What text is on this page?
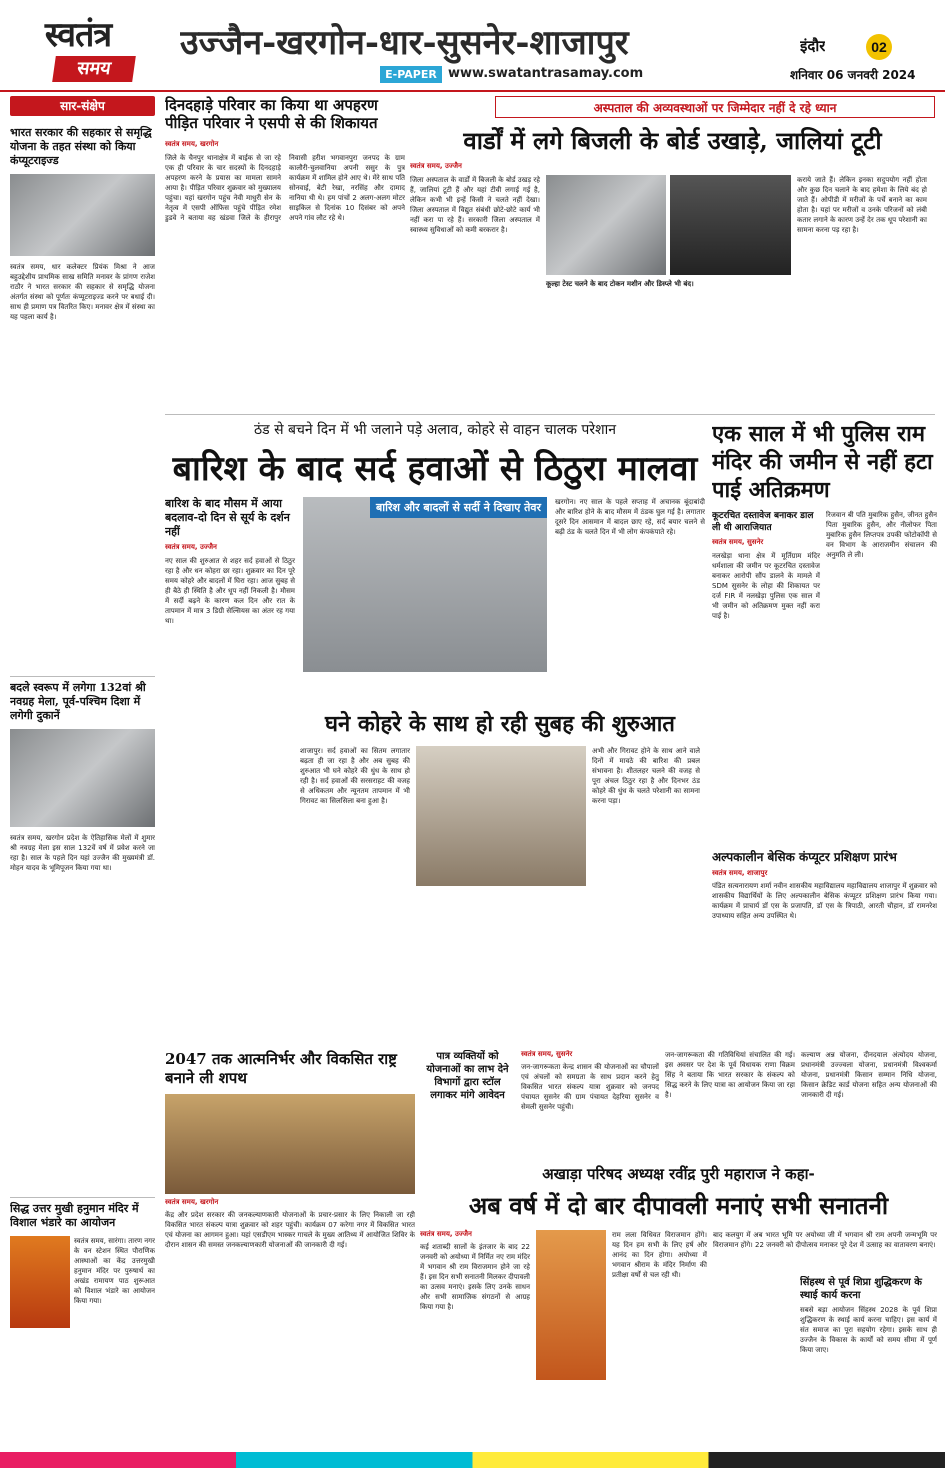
स्वतंत्र
समय
उज्जैन-खरगोन-धार-सुसनेर-शाजापुर
E-PAPER www.swatantrasamay.com
इंदौर	02
शनिवार 06 जनवरी 2024
सार-संक्षेप
भारत सरकार की सहकार से समृद्धि योजना के तहत संस्था को किया कंप्यूटराइज्ड
स्वतंत्र समय, धार कलेक्टर प्रियंक मिश्रा ने आज बहुउद्देशीय प्राथमिक साख समिति मनावर के प्रांगण राजेश राठौर ने भारत सरकार की सहकार से समृद्धि योजना अंतर्गत संस्था को पूर्णतः कंप्यूटराइज्ड करने पर बधाई दी। साथ ही प्रमाण पत्र वितरित किए। मनावर क्षेत्र में संस्था का यह पहला कार्य है।
बदले स्वरूप में लगेगा 132वां श्री नवग्रह मेला, पूर्व-पश्चिम दिशा में लगेगी दुकानें
स्वतंत्र समय, खरगोन प्रदेश के ऐतिहासिक मेलों में शुमार श्री नवग्रह मेला इस साल 132वें वर्ष में प्रवेश करने जा रहा है। साल के पहले दिन यहां उज्जैन की मुख्यमंत्री डॉ. मोहन यादव के भूमिपूजन किया गया था।
सिद्ध उत्तर मुखी हनुमान मंदिर में विशाल भंडारे का आयोजन
स्वतंत्र समय, सारंगा। तारण नगर के वन स्टेशन स्थित पौराणिक आस्थाओं का केंद्र उत्तरमुखी हनुमान मंदिर पर पुरुषार्थ का अखंड रामायण पाठ शुरूआत को विशाल भंडारे का आयोजन किया गया।
दिनदहाड़े परिवार का किया था अपहरण पीड़ित परिवार ने एसपी से की शिकायत
स्वतंत्र समय, खरगोन
जिले के चैनपुर थानाक्षेत्र में बाईक से जा रहे एक ही परिवार के चार सदस्यों के दिनदहाड़े अपहरण करने के प्रयास का मामला सामने आया है। पीड़ित परिवार शुक्रवार को मुख्यालय पहुंचा। यहां खरगोन पहुंच नेवी माधुरी सेन के नेतृत्व में एसपी ऑफिस पहुंचे पीड़ित रमेश डुडवे ने बताया वह खंडवा जिले के हीरापुर निवासी हरीश भगवानपुरा जनपद के ग्राम कालौरी-चुलवानिया अपनी ससुर के पुत्र कार्यक्रम में शामिल होने आए थे। मेरे साथ पति सोनवाई, बेटी रेखा, नरसिंह और दामाद नानिया थी थे। हम पांचों 2 अलग-अलग मोटर साइकिल से दिनांक 10 दिसंबर को अपने अपने गांव लौट रहे थे।
अस्पताल की अव्यवस्थाओं पर जिम्मेदार नहीं दे रहे ध्यान
वार्डों में लगे बिजली के बोर्ड उखाड़े, जालियां टूटी
स्वतंत्र समय, उज्जैन
जिला अस्पताल के वार्डों में बिजली के बोर्ड उखड़ रहे हैं, जालियां टूटी हैं और यहां टीवी लगाई गई है, लेकिन कभी भी इन्हें किसी ने चलते नहीं देखा। जिला अस्पताल में विद्युत संबंधी छोटे-छोटे कार्य भी नहीं करा पा रहे हैं। सरकारी जिला अस्पताल में स्वास्थ्य सुविधाओं को कमी बरकरार है।
कूल्हा टेस्ट चलने के बाद टोकन मशीन और डिस्प्ले भी बंद।
कराये जाते हैं। लेकिन इनका सदुपयोग नहीं होता और कुछ दिन चलाने के बाद हमेशा के लिये बंद हो जाते हैं। ओपीडी में मरीजों के पर्चे बनाने का काम होता है। यहां पर मरीजों व उनके परिजनों को लंबी कतार लगाने के कारण उन्हें देर तक धूप परेशानी का सामना करना पड़ रहा है।
ठंड से बचने दिन में भी जलाने पड़े अलाव, कोहरे से वाहन चालक परेशान
बारिश के बाद सर्द हवाओं से ठिठुरा मालवा
बारिश के बाद मौसम में आया बदलाव-दो दिन से सूर्य के दर्शन नहीं
स्वतंत्र समय, उज्जैन
नए साल की शुरुआत से शहर सर्द हवाओं से ठिठुर रहा है और धन कोहरा छा रहा। शुक्रवार का दिन पूरे समय कोहरे और बादलों में घिरा रहा। आज सुबह से ही बैठे ही स्थिति है और धूप नहीं निकली है। मौसम में सर्दी बढ़ने के कारण कल दिन और रात के तापमान में मात्र 3 डिग्री सेल्सियस का अंतर रह गया था।
बारिश और बादलों से सर्दी ने दिखाए तेवर	खरगोन। नए साल के पहले सप्ताह में अचानक बूंदाबांदी और बारिश होने के बाद मौसम में ठंडक घुल गई है। लगातार दूसरे दिन आसमान में बादल छाए रहे, सर्द बयार चलने से बढ़ी ठंड के चलते दिन में भी लोग कंपकंपाते रहे।
घने कोहरे के साथ हो रही सुबह की शुरुआत
शाजापुर। सर्द हवाओं का सितम लगातार बढ़ता ही जा रहा है और अब सुबह की शुरुआत भी घने कोहरे की धुंध के साथ हो रही है। सर्द हवाओं की सरसराहट की वजह से अधिकतम और न्यूनतम तापमान में भी गिरावट का सिलसिला बना हुआ है।
अभी और गिरावट होने के साथ आने वाले दिनों में मावठे की बारिश की प्रबल संभावना है। शीतलहर चलने की वजह से पूरा अंचल ठिठुर रहा है और दिनभर ठंड कोहरे की धुंध के चलते परेशानी का सामना करना पड़ा।
एक साल में भी पुलिस राम मंदिर की जमीन से नहीं हटा पाई अतिक्रमण
कूटरचित दस्तावेज बनाकर डाल ली थी आराजियात
स्वतंत्र समय, सुसनेर
नलखेड़ा थाना क्षेत्र में मूर्तिग्राम मंदिर धर्मशाला की जमीन पर कूटरचित दस्तावेज बनाकर आरोपी सौंप डालने के मामले में SDM सुसनेर के लोहा की शिकायत पर दर्ज FIR में नलखेड़ा पुलिस एक साल में भी जमीन को अतिक्रमण मुक्त नहीं करा पाई है।
रिजवान बी पति मुबारिक हुसैन, जीनत हुसैन पिता मुबारिक हुसैन, और नीलोफर पिता मुबारिक हुसैन लिप्तपत्र उपकी फोटोकॉपी से वन विभाग के आराजमीन संचालन की अनुमति ले ली।
अल्पकालीन बेसिक कंप्यूटर प्रशिक्षण प्रारंभ
स्वतंत्र समय, शाजापुर
पंडित सत्यनारायण शर्मा नवीन शासकीय महाविद्यालय महाविद्यालय शाजापुर में शुक्रवार को शासकीय विद्यार्थियों के लिए अल्पकालीन बेसिक कंप्यूटर प्रशिक्षण प्रारंभ किया गया। कार्यक्रम में प्राचार्य डॉ एस के प्रजापति, डॉ एस के त्रिपाठी, आरती चौहान, डॉ रामनरेश उपाध्याय सहित अन्य उपस्थित थे।
2047 तक आत्मनिर्भर और विकसित राष्ट्र बनाने ली शपथ
स्वतंत्र समय, खरगोन
केंद्र और प्रदेश सरकार की जनकल्याणकारी योजनाओं के प्रचार-प्रसार के लिए निकाली जा रही विकसित भारत संकल्प यात्रा शुक्रवार को शहर पहुंची। कार्यक्रम 07 करेगा नगर में विकसित भारत एवं योजना का आगमन हुआ। यहां एसडीएम भास्कर गाचले के मुख्य आतिथ्य में आयोजित शिविर के दौरान शासन की समस्त जनकल्याणकारी योजनाओं की जानकारी दी गई।
पात्र व्यक्तियों को योजनाओं का लाभ देने विभागों द्वारा स्टॉल लगाकर मांगे आवेदन
स्वतंत्र समय, सुसनेर
जन-जागरूकता केन्द्र शासन की योजनाओं का चौपालों एवं अंचलों को समग्रता के साथ प्रदान करने हेतु विकसित भारत संकल्प यात्रा शुक्रवार को जनपद पंचायत सुसनेर की ग्राम पंचायत देहरिया सुसनेर व सेमली सुसनेर पहुंची।
जन-जागरूकता की गतिविधियां संचालित की गई। इस अवसर पर देश के पूर्व विधायक राणा विक्रम सिंह ने बताया कि भारत सरकार के संकल्प को सिद्ध करने के लिए यात्रा का आयोजन किया जा रहा है।
कल्याण अन्न योजना, दीनदयाल अंत्योदय योजना, प्रधानमंत्री उज्ज्वला योजना, प्रधानमंत्री विश्वकर्मा योजना, प्रधानमंत्री किसान सम्मान निधि योजना, किसान क्रेडिट कार्ड योजना सहित अन्य योजनाओं की जानकारी दी गई।
अखाड़ा परिषद अध्यक्ष रवींद्र पुरी महाराज ने कहा-
अब वर्ष में दो बार दीपावली मनाएं सभी सनातनी
स्वतंत्र समय, उज्जैन
कई शताब्दी सालों के इंतजार के बाद 22 जनवरी को अयोध्या में निर्मित नए राम मंदिर में भगवान श्री राम विराजमान होने जा रहे हैं। इस दिन सभी सनातनी मिलकर दीपावली का उत्सव मनाएं। इसके लिए उनके साधन और सभी सामाजिक संगठनों से आग्रह किया गया है।
राम लला विधिवत विराजमान होंगे। यह दिन हम सभी के लिए हर्ष और आनंद का दिन होगा। अयोध्या में भगवान श्रीराम के मंदिर निर्माण की प्रतीक्षा वर्षों से चल रही थी।
बाद कलयुग में अब भारत भूमि पर अयोध्या जी में भगवान श्री राम अपनी जन्मभूमि पर विराजमान होंगे। 22 जनवरी को दीपोत्सव मनाकर पूरे देश में उत्साह का वातावरण बनाएं।
सिंहस्थ से पूर्व शिप्रा शुद्धिकरण के स्थाई कार्य करना
सबसे बड़ा आयोजन सिंहस्थ 2028 के पूर्व शिप्रा शुद्धिकरण के स्थाई कार्य करना चाहिए। इस कार्य में संत समाज का पूरा सहयोग रहेगा। इसके साथ ही उज्जैन के विकास के कार्यों को समय सीमा में पूर्ण किया जाए।
